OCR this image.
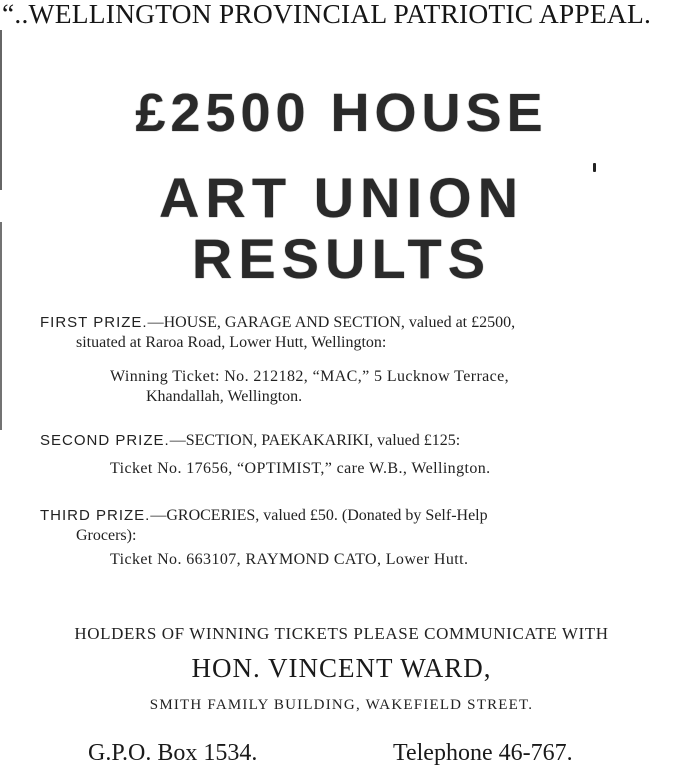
“..WELLINGTON PROVINCIAL PATRIOTIC APPEAL.
£2500 HOUSE
ART UNION
RESULTS
FIRST PRIZE.—HOUSE, GARAGE AND SECTION, valued at £2500,
situated at Raroa Road, Lower Hutt, Wellington:
Winning Ticket: No. 212182, “MAC,” 5 Lucknow Terrace,
Khandallah, Wellington.
SECOND PRIZE.—SECTION, PAEKAKARIKI, valued £125:
Ticket No. 17656, “OPTIMIST,” care W.B., Wellington.
THIRD PRIZE.—GROCERIES, valued £50. (Donated by Self-Help
Grocers):
Ticket No. 663107, RAYMOND CATO, Lower Hutt.
HOLDERS OF WINNING TICKETS PLEASE COMMUNICATE WITH
HON. VINCENT WARD,
SMITH FAMILY BUILDING, WAKEFIELD STREET.
G.P.O. Box 1534.	Telephone 46-767.
